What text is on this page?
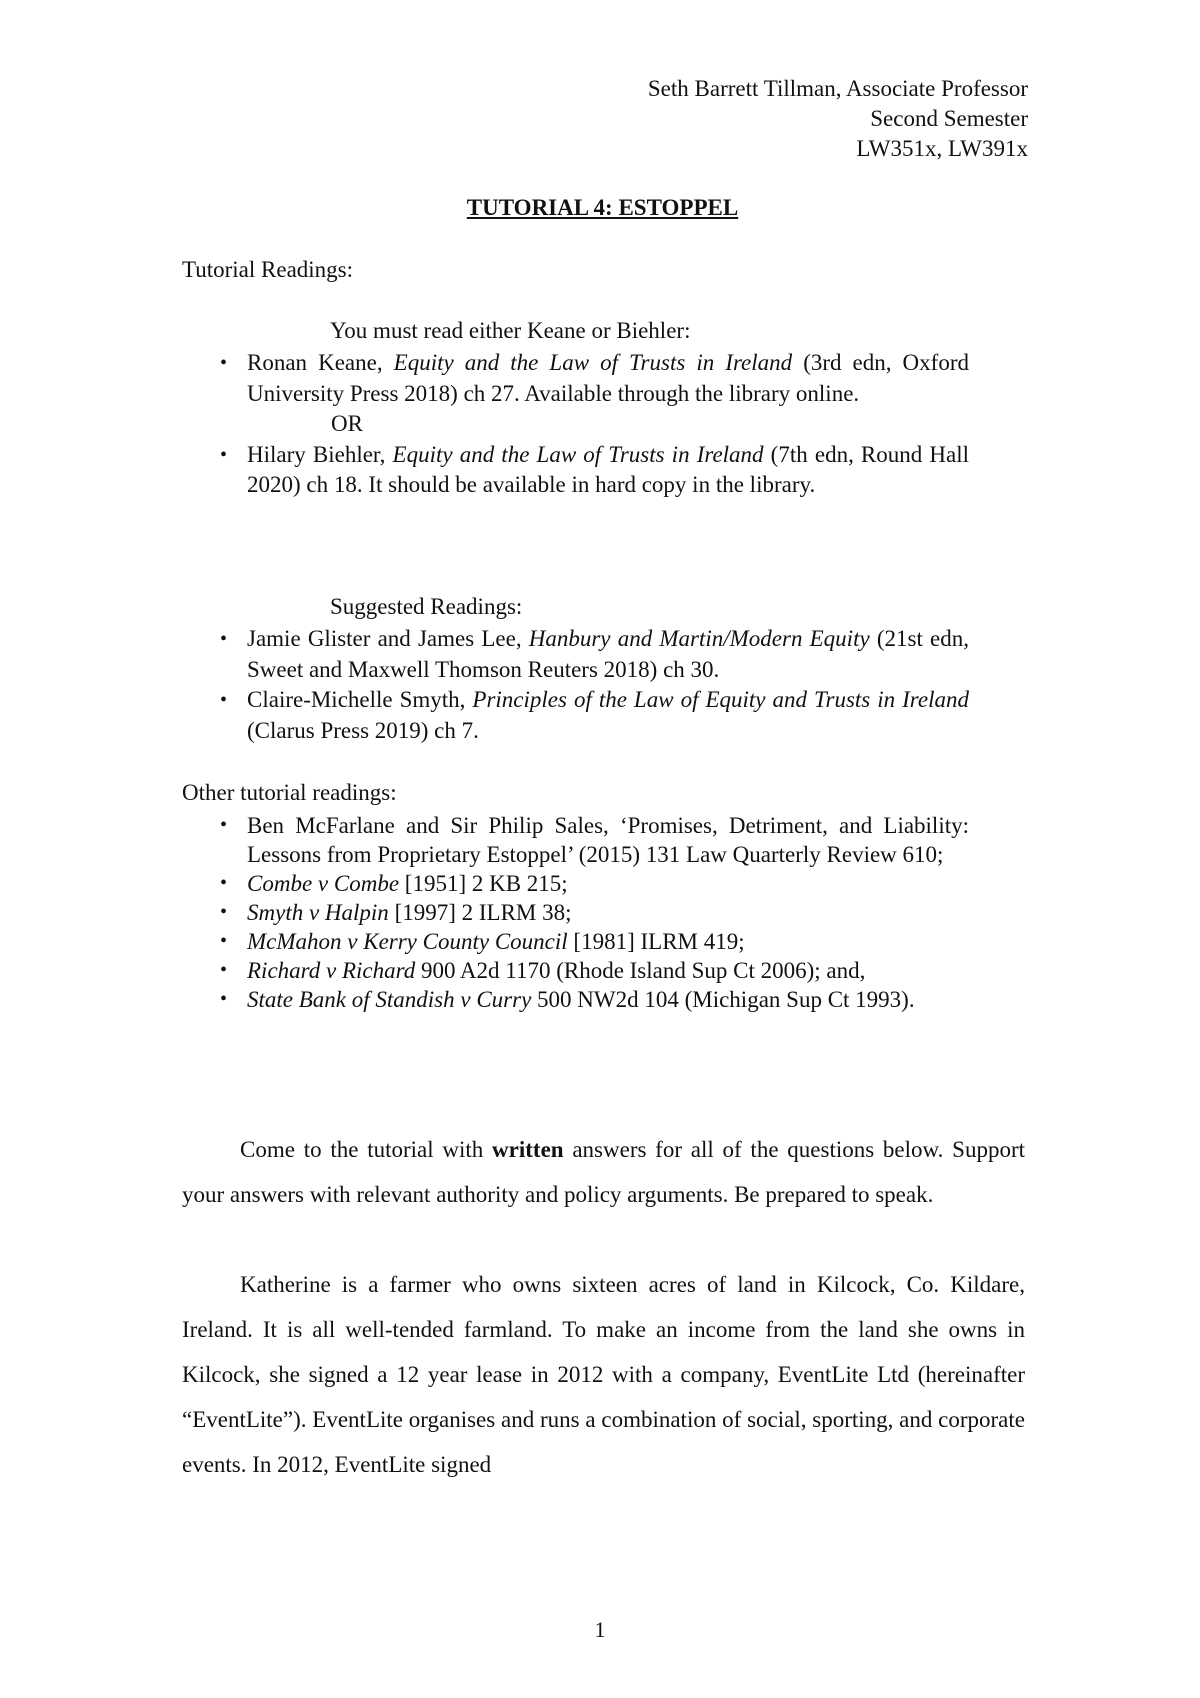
Seth Barrett Tillman, Associate Professor
Second Semester
LW351x, LW391x
TUTORIAL 4: ESTOPPEL
Tutorial Readings:
You must read either Keane or Biehler:
• Ronan Keane, Equity and the Law of Trusts in Ireland (3rd edn, Oxford University Press 2018) ch 27. Available through the library online.
OR
• Hilary Biehler, Equity and the Law of Trusts in Ireland (7th edn, Round Hall 2020) ch 18. It should be available in hard copy in the library.
Suggested Readings:
• Jamie Glister and James Lee, Hanbury and Martin/Modern Equity (21st edn, Sweet and Maxwell Thomson Reuters 2018) ch 30.
• Claire-Michelle Smyth, Principles of the Law of Equity and Trusts in Ireland (Clarus Press 2019) ch 7.
Other tutorial readings:
• Ben McFarlane and Sir Philip Sales, ‘Promises, Detriment, and Liability: Lessons from Proprietary Estoppel’ (2015) 131 Law Quarterly Review 610;
• Combe v Combe [1951] 2 KB 215;
• Smyth v Halpin [1997] 2 ILRM 38;
• McMahon v Kerry County Council [1981] ILRM 419;
• Richard v Richard 900 A2d 1170 (Rhode Island Sup Ct 2006); and,
• State Bank of Standish v Curry 500 NW2d 104 (Michigan Sup Ct 1993).

Come to the tutorial with written answers for all of the questions below. Support your answers with relevant authority and policy arguments. Be prepared to speak.

Katherine is a farmer who owns sixteen acres of land in Kilcock, Co. Kildare, Ireland. It is all well-tended farmland. To make an income from the land she owns in Kilcock, she signed a 12 year lease in 2012 with a company, EventLite Ltd (hereinafter “EventLite”). EventLite organises and runs a combination of social, sporting, and corporate events. In 2012, EventLite signed

1
